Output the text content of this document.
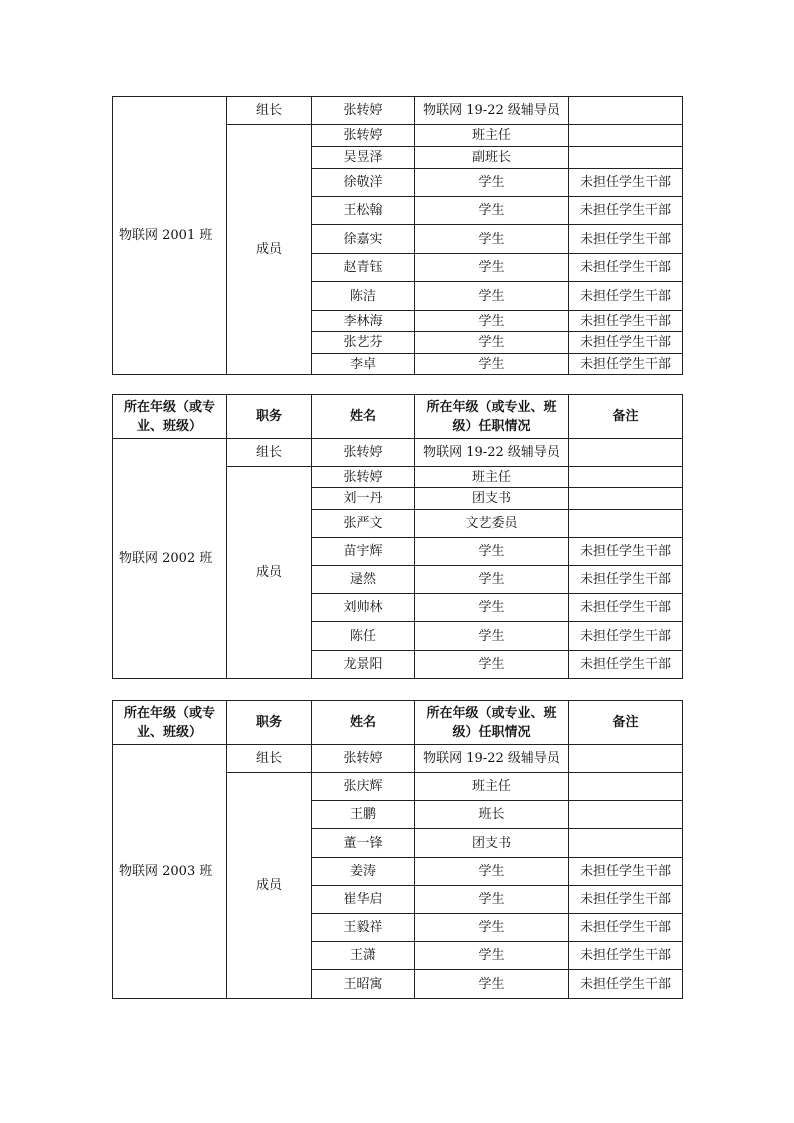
物联网 2001 班	组长	张转婷	物联网 19-22 级辅导员	
	成员	张转婷	班主任	
		吴昱泽	副班长	
		徐敬洋	学生	未担任学生干部
		王松翰	学生	未担任学生干部
		徐嘉实	学生	未担任学生干部
		赵青钰	学生	未担任学生干部
		陈洁	学生	未担任学生干部
		李林海	学生	未担任学生干部
		张艺芬	学生	未担任学生干部
		李卓	学生	未担任学生干部
所在年级（或专业、班级）	职务	姓名	所在年级（或专业、班级）任职情况	备注
物联网 2002 班	组长	张转婷	物联网 19-22 级辅导员	
	成员	张转婷	班主任	
		刘一丹	团支书	
		张严文	文艺委员	
		苗宇辉	学生	未担任学生干部
		逯然	学生	未担任学生干部
		刘帅林	学生	未担任学生干部
		陈任	学生	未担任学生干部
		龙景阳	学生	未担任学生干部
所在年级（或专业、班级）	职务	姓名	所在年级（或专业、班级）任职情况	备注
物联网 2003 班	组长	张转婷	物联网 19-22 级辅导员	
	成员	张庆辉	班主任	
		王鹏	班长	
		董一锋	团支书	
		姜涛	学生	未担任学生干部
		崔华启	学生	未担任学生干部
		王毅祥	学生	未担任学生干部
		王潇	学生	未担任学生干部
		王昭寓	学生	未担任学生干部
